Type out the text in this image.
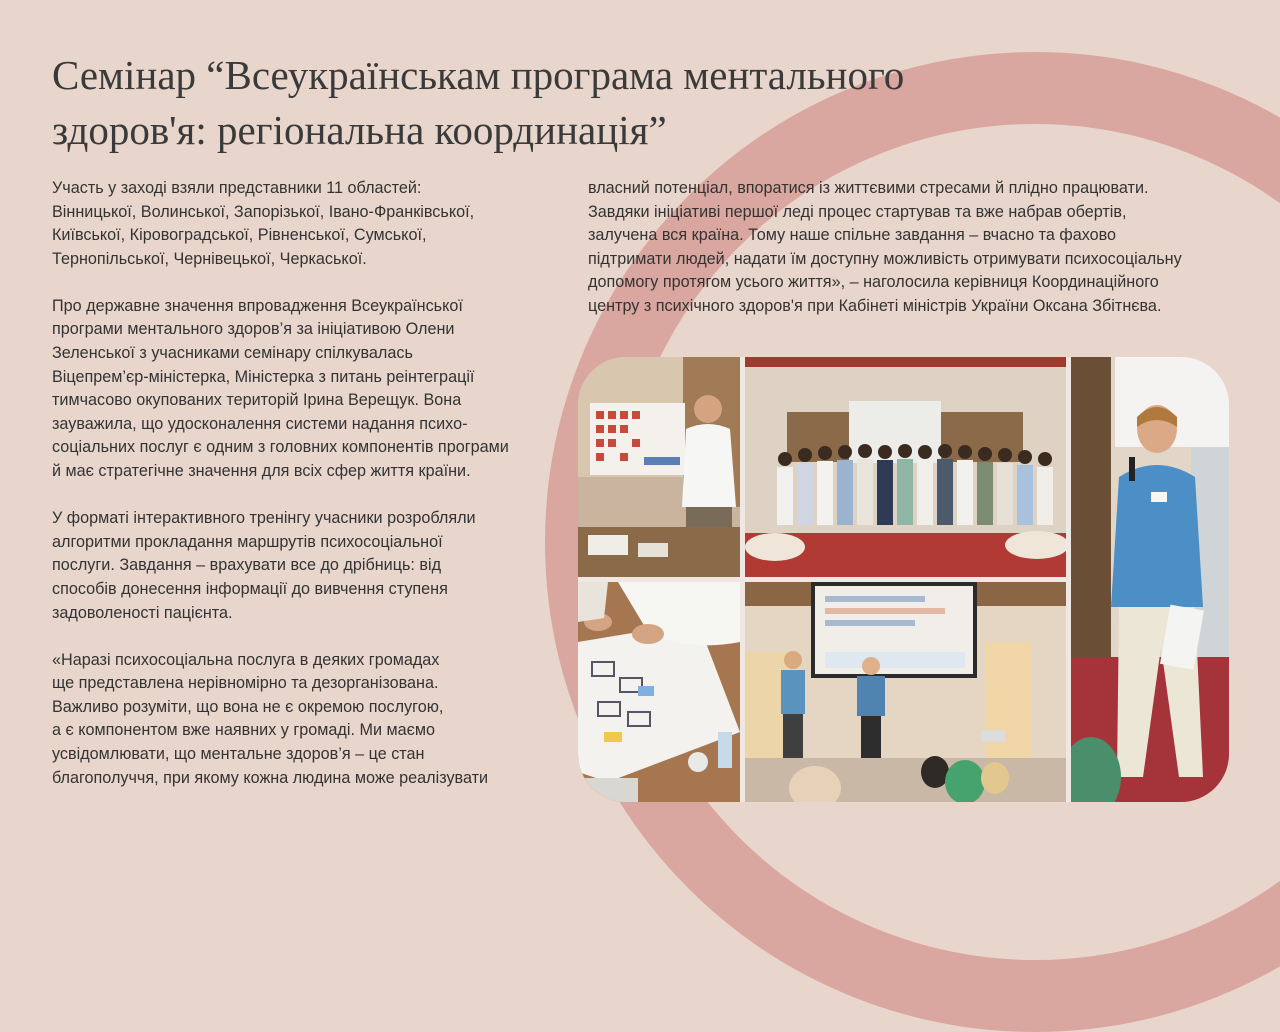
Семінар “Всеукраїнськам програма ментального
здоров'я: регіональна координація”

Участь у заході взяли представники 11 областей:
Вінницької, Волинської, Запорізької, Івано-Франківської,
Київської, Кіровоградської, Рівненської, Сумської,
Тернопільської, Чернівецької, Черкаської.

Про державне значення впровадження Всеукраїнської
програми ментального здоров’я за ініціативою Олени
Зеленської з учасниками семінару спілкувалась
Віцепрем’єр-міністерка, Міністерка з питань реінтеграції
тимчасово окупованих територій Ірина Верещук. Вона
зауважила, що удосконалення системи надання психо-
соціальних послуг є одним з головних компонентів програми
й має стратегічне значення для всіх сфер життя країни.

У форматі інтерактивного тренінгу учасники розробляли
алгоритми прокладання маршрутів психосоціальної
послуги. Завдання – врахувати все до дрібниць: від
способів донесення інформації до вивчення ступеня
задоволеності пацієнта.

«Наразі психосоціальна послуга в деяких громадах
ще представлена нерівномірно та дезорганізована.
Важливо розуміти, що вона не є окремою послугою,
а є компонентом вже наявних у громаді. Ми маємо
усвідомлювати, що ментальне здоров’я – це стан
благополуччя, при якому кожна людина може реалізувати

власний потенціал, впоратися із життєвими стресами й плідно працювати.
Завдяки ініціативі першої леді процес стартував та вже набрав обертів,
залучена вся країна. Тому наше спільне завдання – вчасно та фахово
підтримати людей, надати їм доступну можливість отримувати психосоціальну
допомогу протягом усього життя», – наголосила керівниця Координаційного
центру з психічного здоров'я при Кабінеті міністрів України Оксана Збітнєва.
